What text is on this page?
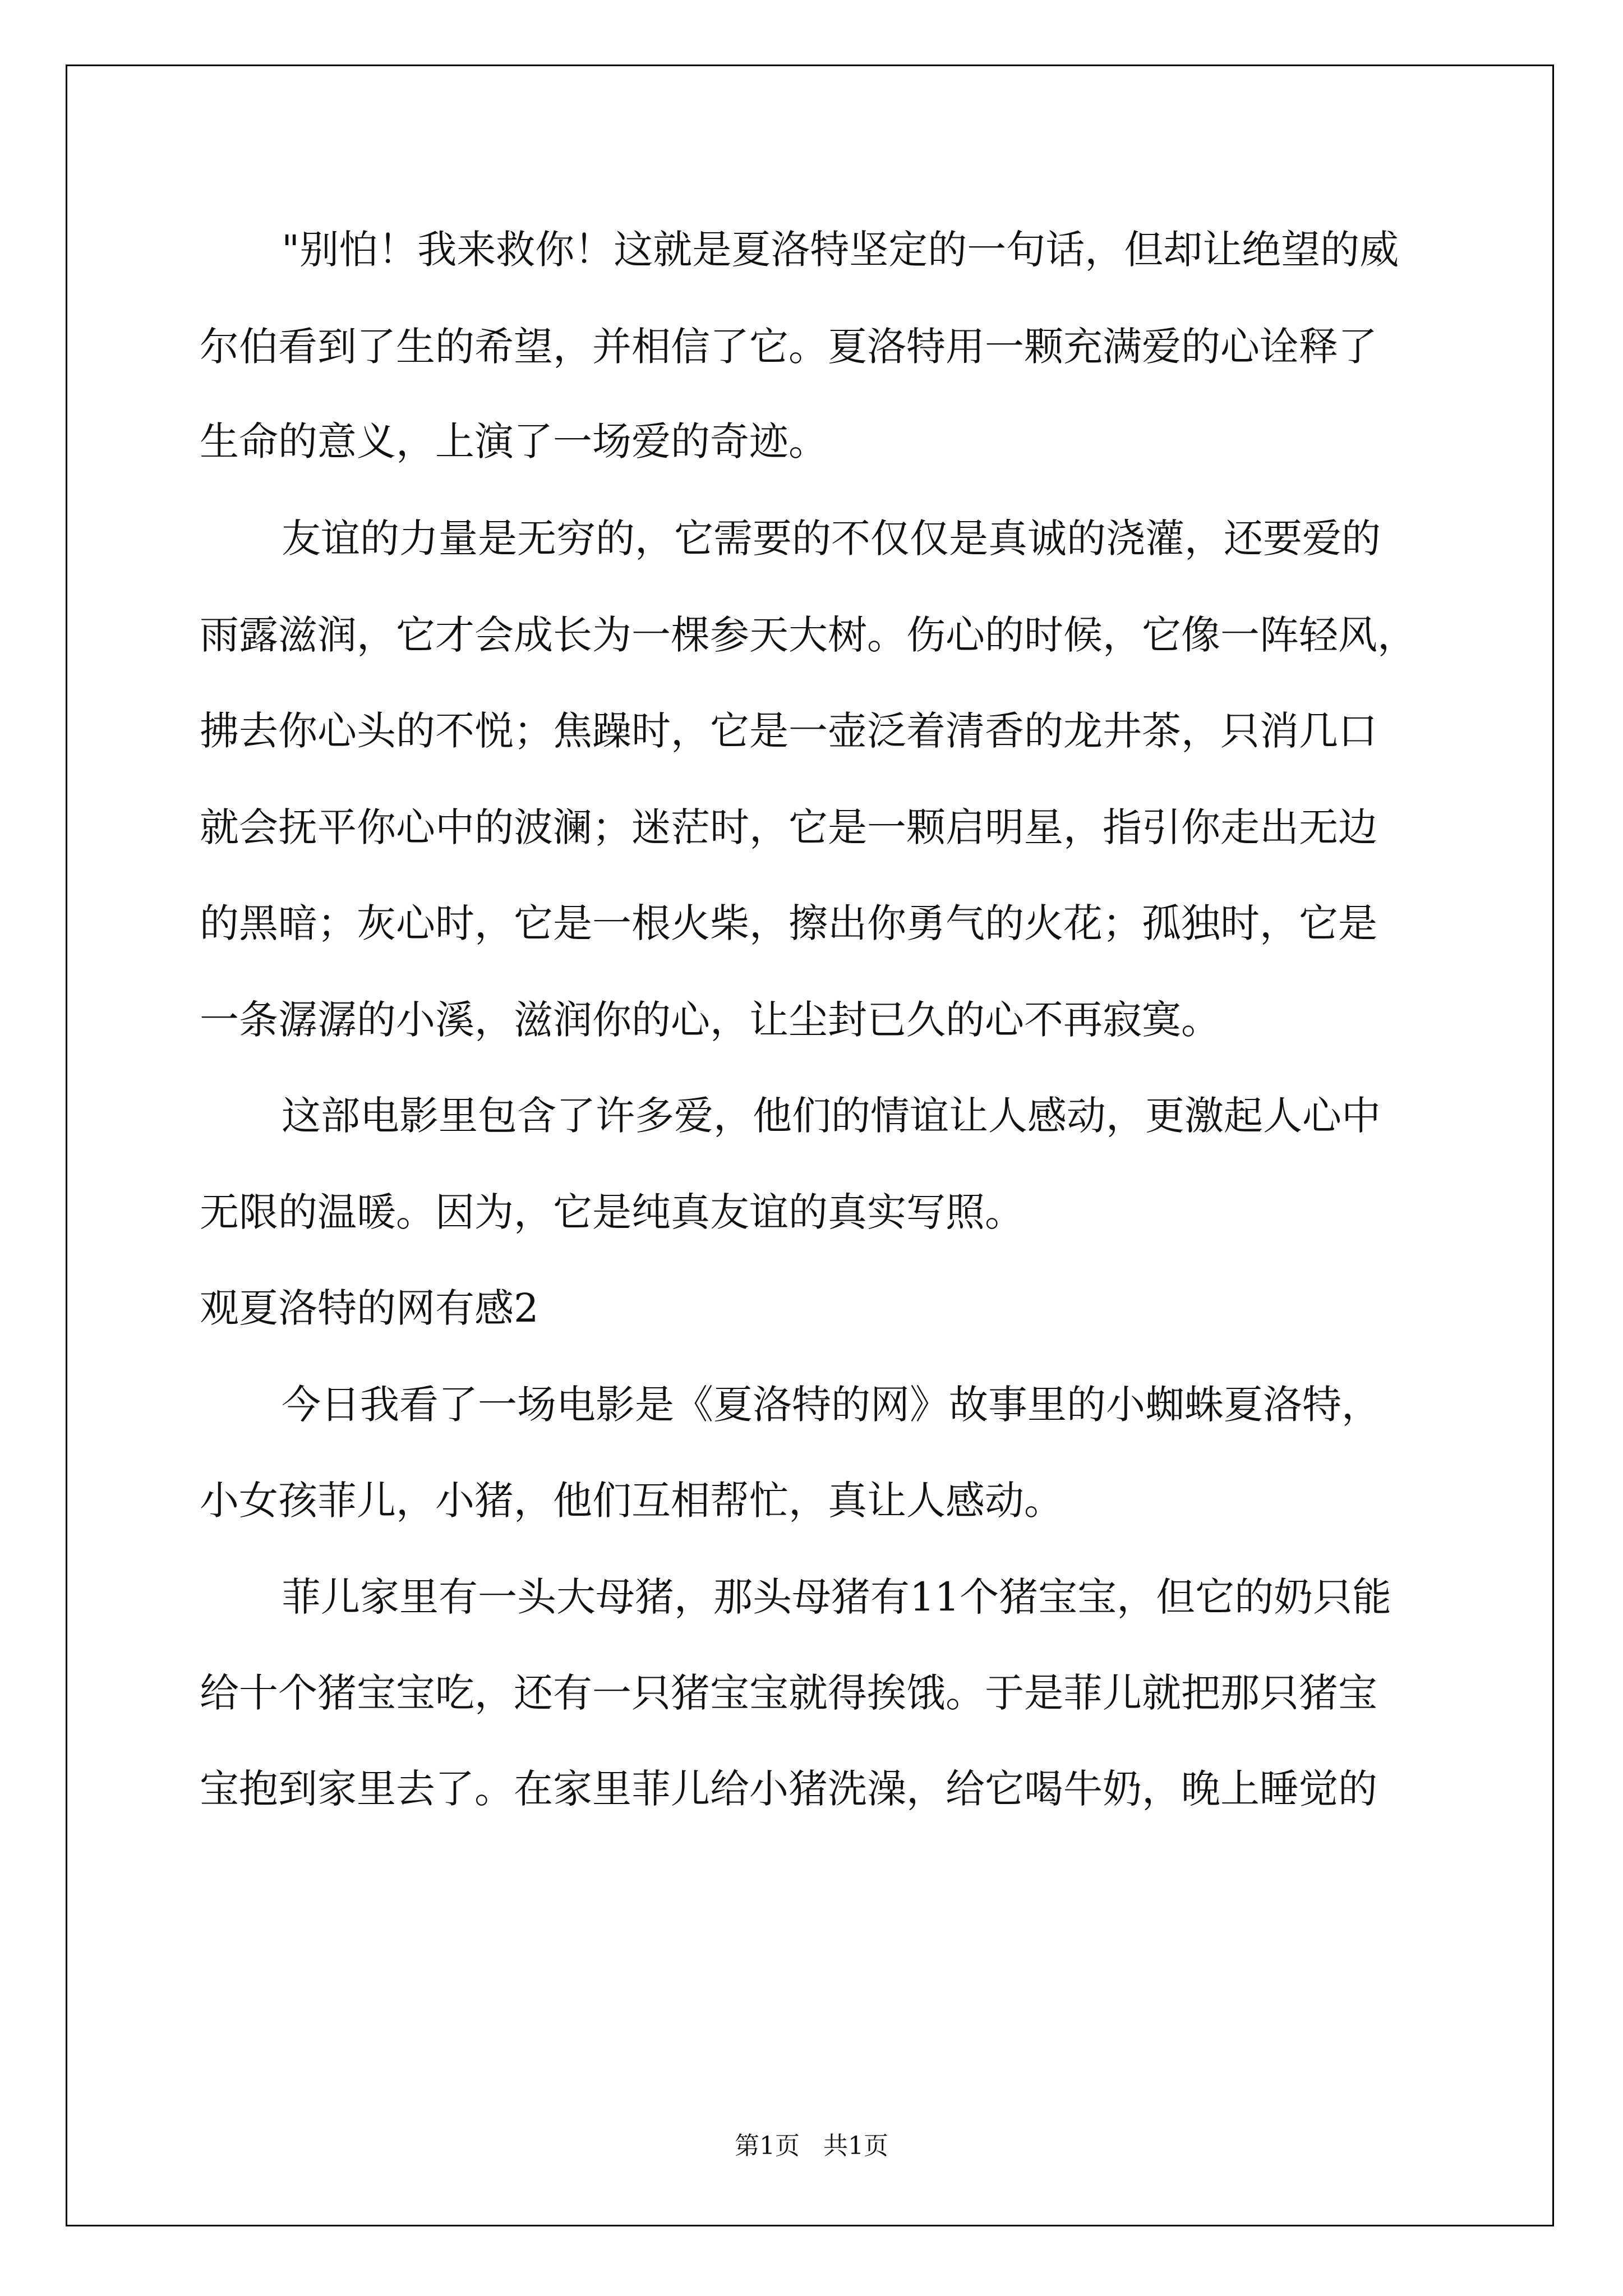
"别怕！我来救你！这就是夏洛特坚定的一句话，但却让绝望的威
尔伯看到了生的希望，并相信了它。夏洛特用一颗充满爱的心诠释了
生命的意义，上演了一场爱的奇迹。
友谊的力量是无穷的，它需要的不仅仅是真诚的浇灌，还要爱的
雨露滋润，它才会成长为一棵参天大树。伤心的时候，它像一阵轻风，
拂去你心头的不悦；焦躁时，它是一壶泛着清香的龙井茶，只消几口
就会抚平你心中的波澜；迷茫时，它是一颗启明星，指引你走出无边
的黑暗；灰心时，它是一根火柴，擦出你勇气的火花；孤独时，它是
一条潺潺的小溪，滋润你的心，让尘封已久的心不再寂寞。
这部电影里包含了许多爱，他们的情谊让人感动，更激起人心中
无限的温暖。因为，它是纯真友谊的真实写照。
观夏洛特的网有感2
今日我看了一场电影是《夏洛特的网》故事里的小蜘蛛夏洛特，
小女孩菲儿，小猪，他们互相帮忙，真让人感动。
菲儿家里有一头大母猪，那头母猪有11个猪宝宝，但它的奶只能
给十个猪宝宝吃，还有一只猪宝宝就得挨饿。于是菲儿就把那只猪宝
宝抱到家里去了。在家里菲儿给小猪洗澡，给它喝牛奶，晚上睡觉的
第1页   共1页
